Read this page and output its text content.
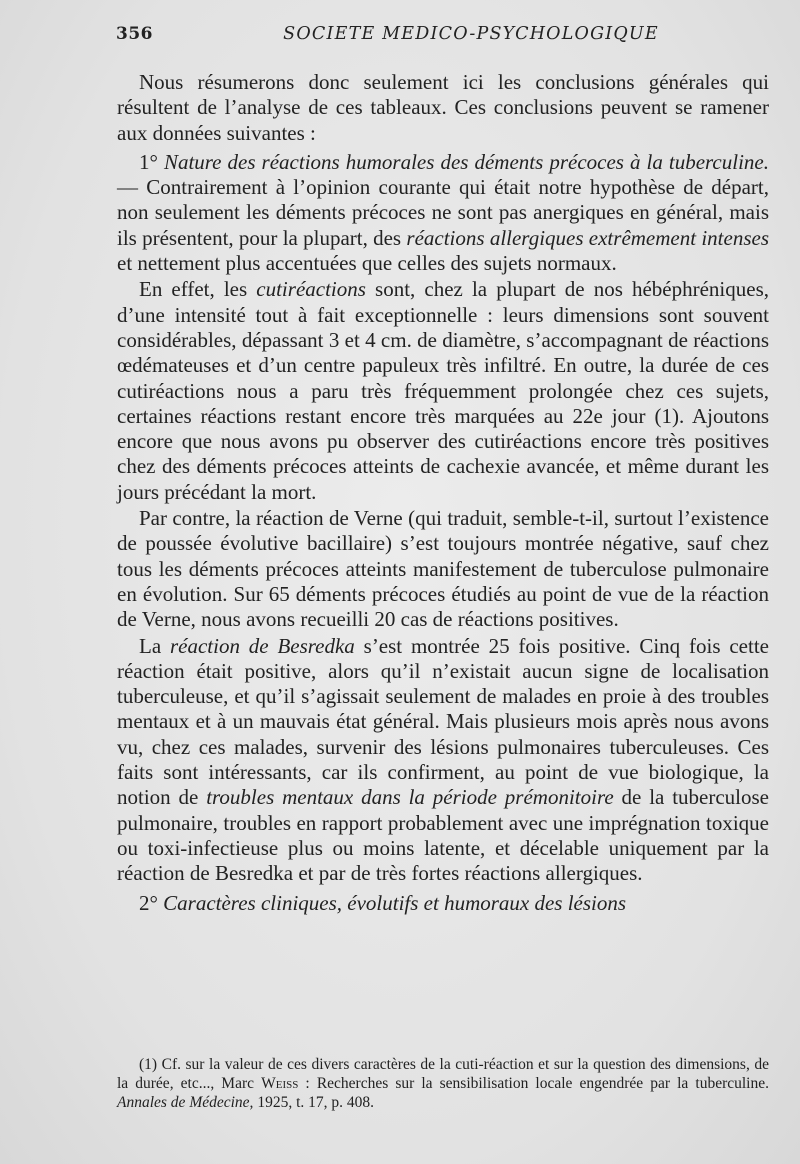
356	SOCIETE MEDICO-PSYCHOLOGIQUE

Nous résumerons donc seulement ici les conclusions générales qui résultent de l’analyse de ces tableaux. Ces conclusions peuvent se ramener aux données suivantes :

1° Nature des réactions humorales des déments précoces à la tuberculine. — Contrairement à l’opinion courante qui était notre hypothèse de départ, non seulement les déments précoces ne sont pas anergiques en général, mais ils présentent, pour la plupart, des réactions allergiques extrêmement intenses et nettement plus accentuées que celles des sujets normaux.

En effet, les cutiréactions sont, chez la plupart de nos hébéphréniques, d’une intensité tout à fait exceptionnelle : leurs dimensions sont souvent considérables, dépassant 3 et 4 cm. de diamètre, s’accompagnant de réactions œdémateuses et d’un centre papuleux très infiltré. En outre, la durée de ces cutiréactions nous a paru très fréquemment prolongée chez ces sujets, certaines réactions restant encore très marquées au 22e jour (1). Ajoutons encore que nous avons pu observer des cutiréactions encore très positives chez des déments précoces atteints de cachexie avancée, et même durant les jours précédant la mort.

Par contre, la réaction de Verne (qui traduit, semble-t-il, surtout l’existence de poussée évolutive bacillaire) s’est toujours montrée négative, sauf chez tous les déments précoces atteints manifestement de tuberculose pulmonaire en évolution. Sur 65 déments précoces étudiés au point de vue de la réaction de Verne, nous avons recueilli 20 cas de réactions positives.

La réaction de Besredka s’est montrée 25 fois positive. Cinq fois cette réaction était positive, alors qu’il n’existait aucun signe de localisation tuberculeuse, et qu’il s’agissait seulement de malades en proie à des troubles mentaux et à un mauvais état général. Mais plusieurs mois après nous avons vu, chez ces malades, survenir des lésions pulmonaires tuberculeuses. Ces faits sont intéressants, car ils confirment, au point de vue biologique, la notion de troubles mentaux dans la période prémonitoire de la tuberculose pulmonaire, troubles en rapport probablement avec une imprégnation toxique ou toxi-infectieuse plus ou moins latente, et décelable uniquement par la réaction de Besredka et par de très fortes réactions allergiques.

2° Caractères cliniques, évolutifs et humoraux des lésions

(1) Cf. sur la valeur de ces divers caractères de la cuti-réaction et sur la question des dimensions, de la durée, etc..., Marc Weiss : Recherches sur la sensibilisation locale engendrée par la tuberculine. Annales de Médecine, 1925, t. 17, p. 408.
